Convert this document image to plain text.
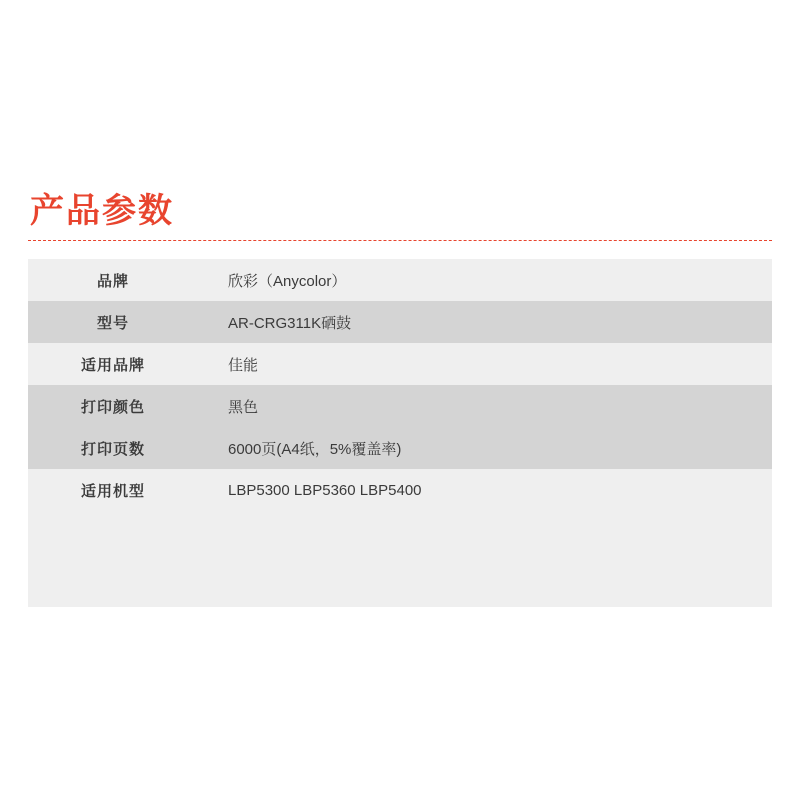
产品参数
品牌	欣彩（Anycolor）
型号	AR-CRG311K硒鼓
适用品牌	佳能
打印颜色	黑色
打印页数	6000页(A4纸，5%覆盖率)
适用机型	LBP5300 LBP5360 LBP5400
